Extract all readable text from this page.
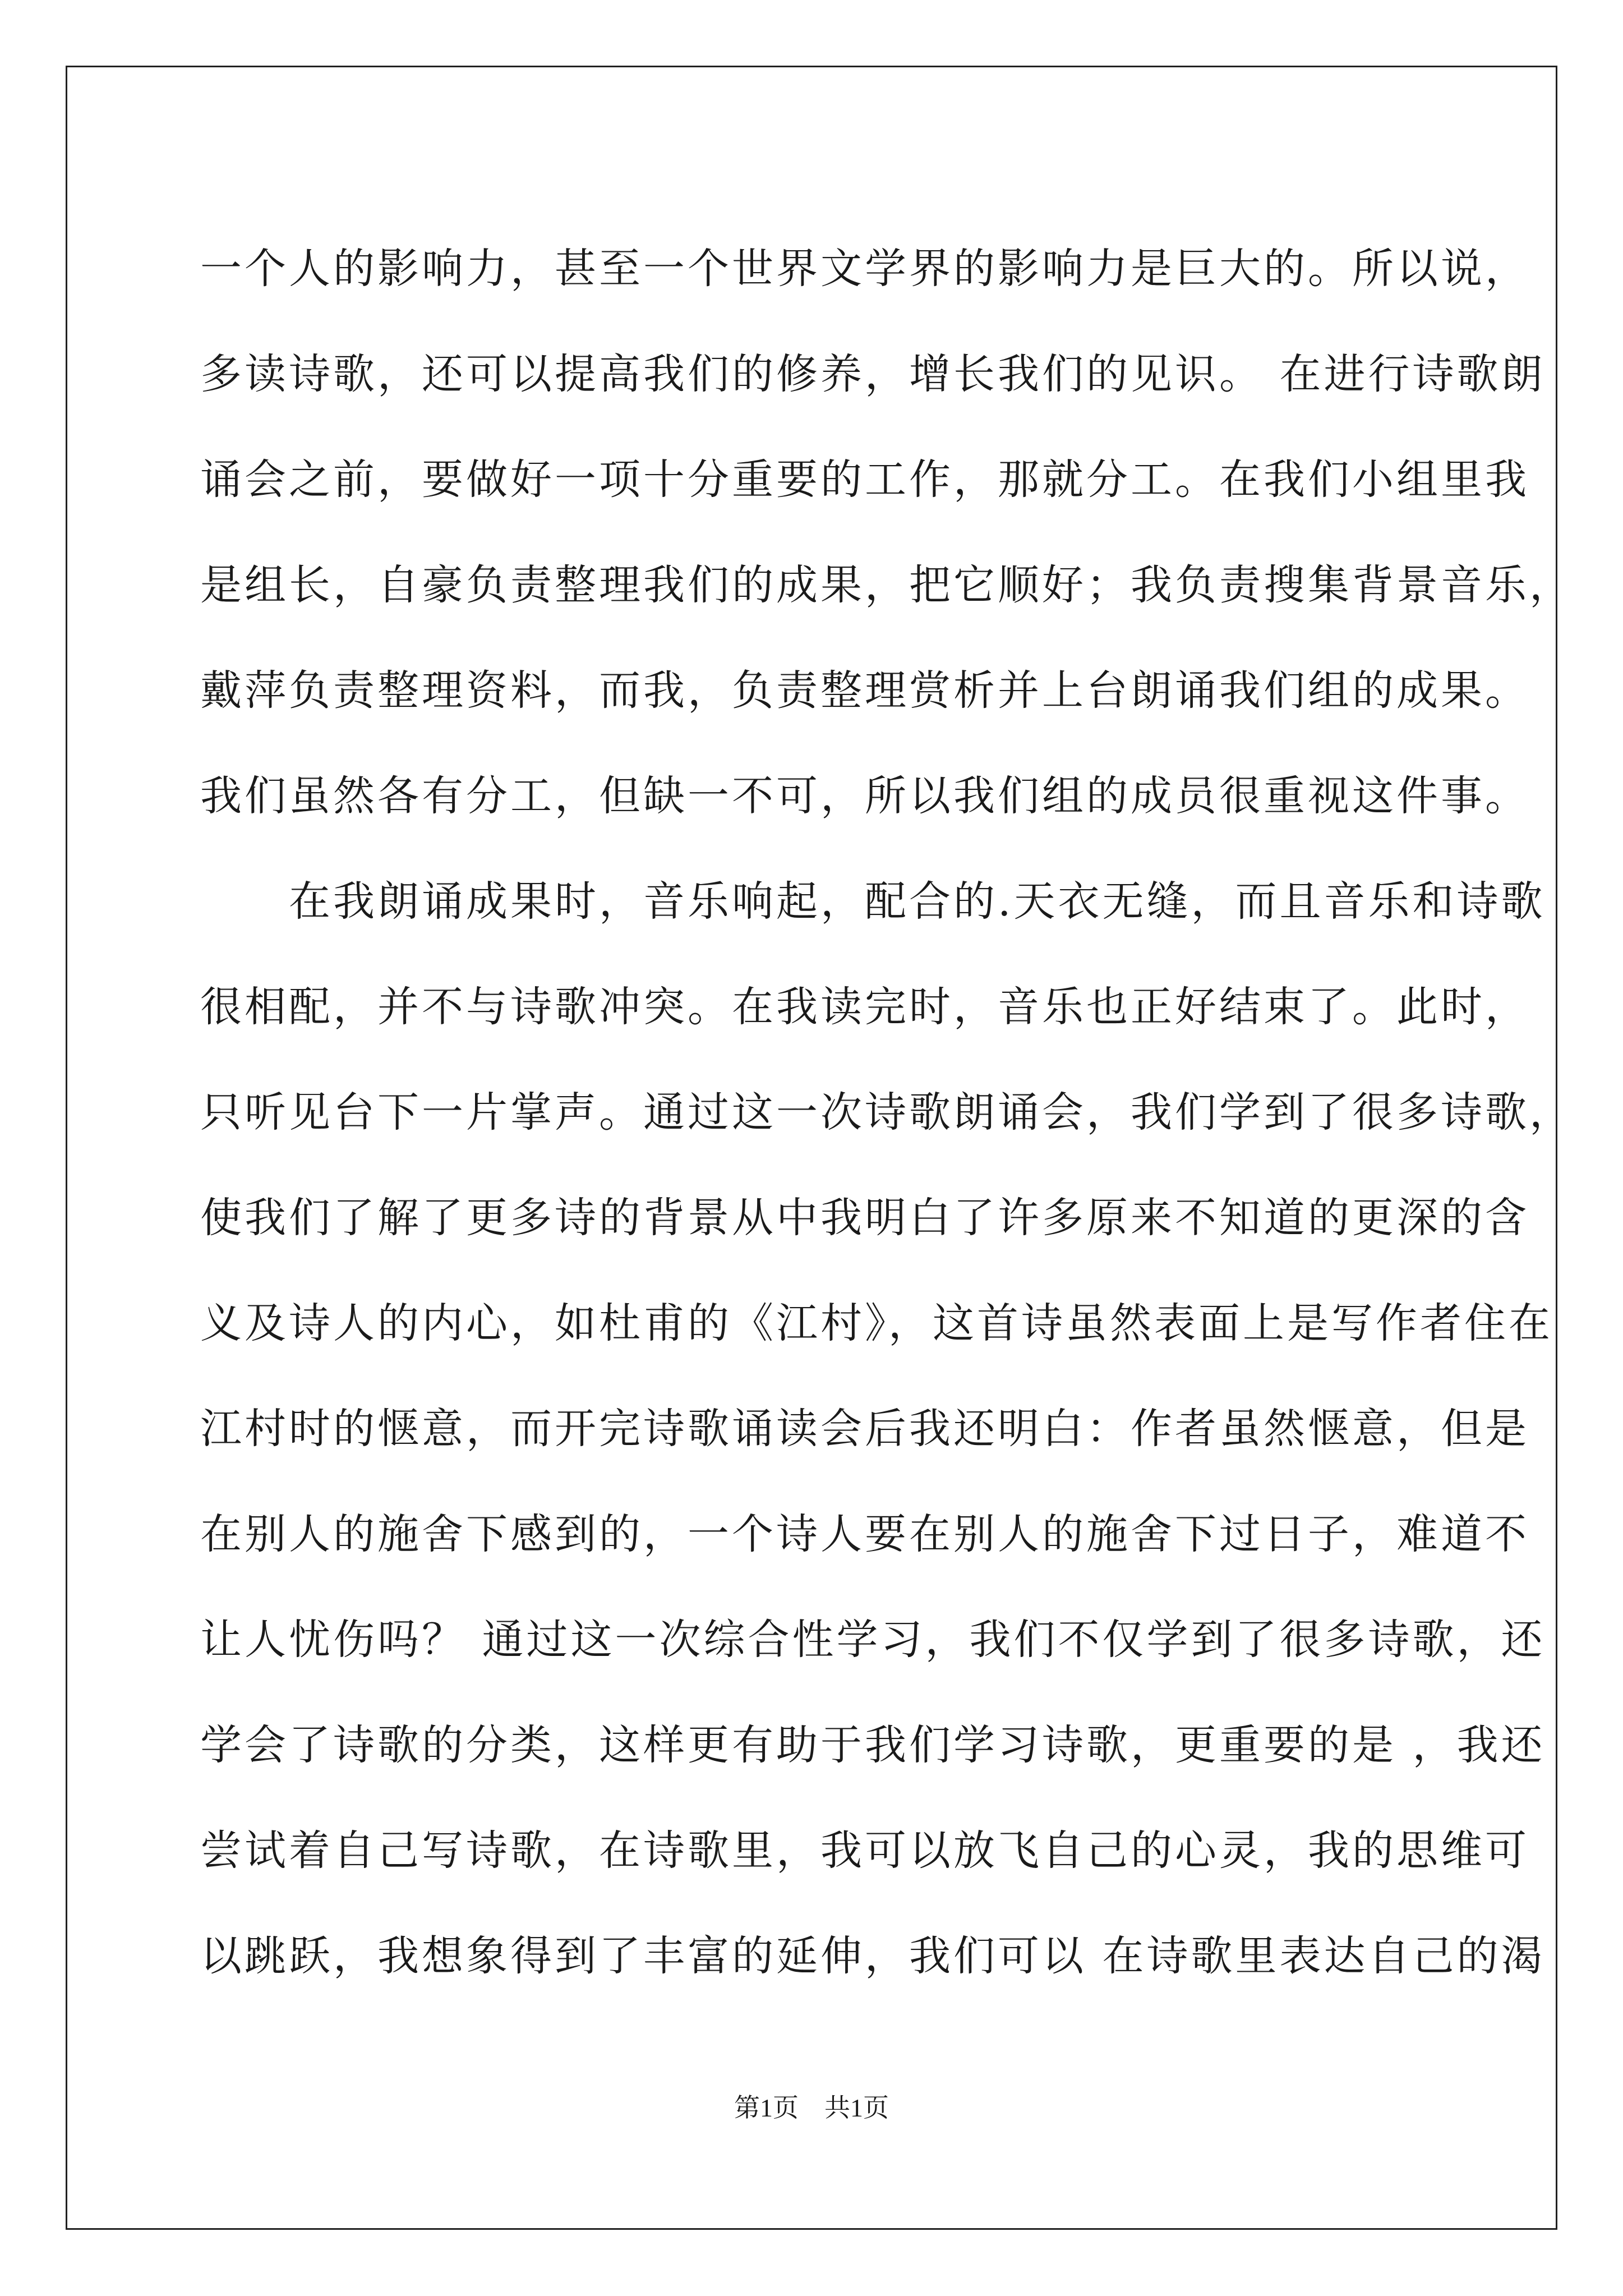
一个人的影响力，甚至一个世界文学界的影响力是巨大的。所以说，
多读诗歌，还可以提高我们的修养，增长我们的见识。 在进行诗歌朗
诵会之前，要做好一项十分重要的工作，那就分工。在我们小组里我
是组长，自豪负责整理我们的成果，把它顺好；我负责搜集背景音乐，
戴萍负责整理资料，而我，负责整理赏析并上台朗诵我们组的成果。
我们虽然各有分工，但缺一不可，所以我们组的成员很重视这件事。
　　在我朗诵成果时，音乐响起，配合的.天衣无缝，而且音乐和诗歌
很相配，并不与诗歌冲突。在我读完时，音乐也正好结束了。此时，
只听见台下一片掌声。通过这一次诗歌朗诵会，我们学到了很多诗歌，
使我们了解了更多诗的背景从中我明白了许多原来不知道的更深的含
义及诗人的内心，如杜甫的《江村》，这首诗虽然表面上是写作者住在
江村时的惬意，而开完诗歌诵读会后我还明白：作者虽然惬意，但是
在别人的施舍下感到的，一个诗人要在别人的施舍下过日子，难道不
让人忧伤吗？ 通过这一次综合性学习，我们不仅学到了很多诗歌，还
学会了诗歌的分类，这样更有助于我们学习诗歌，更重要的是 ，我还
尝试着自己写诗歌，在诗歌里，我可以放飞自己的心灵，我的思维可
以跳跃，我想象得到了丰富的延伸，我们可以 在诗歌里表达自己的渴
第1页　共1页
